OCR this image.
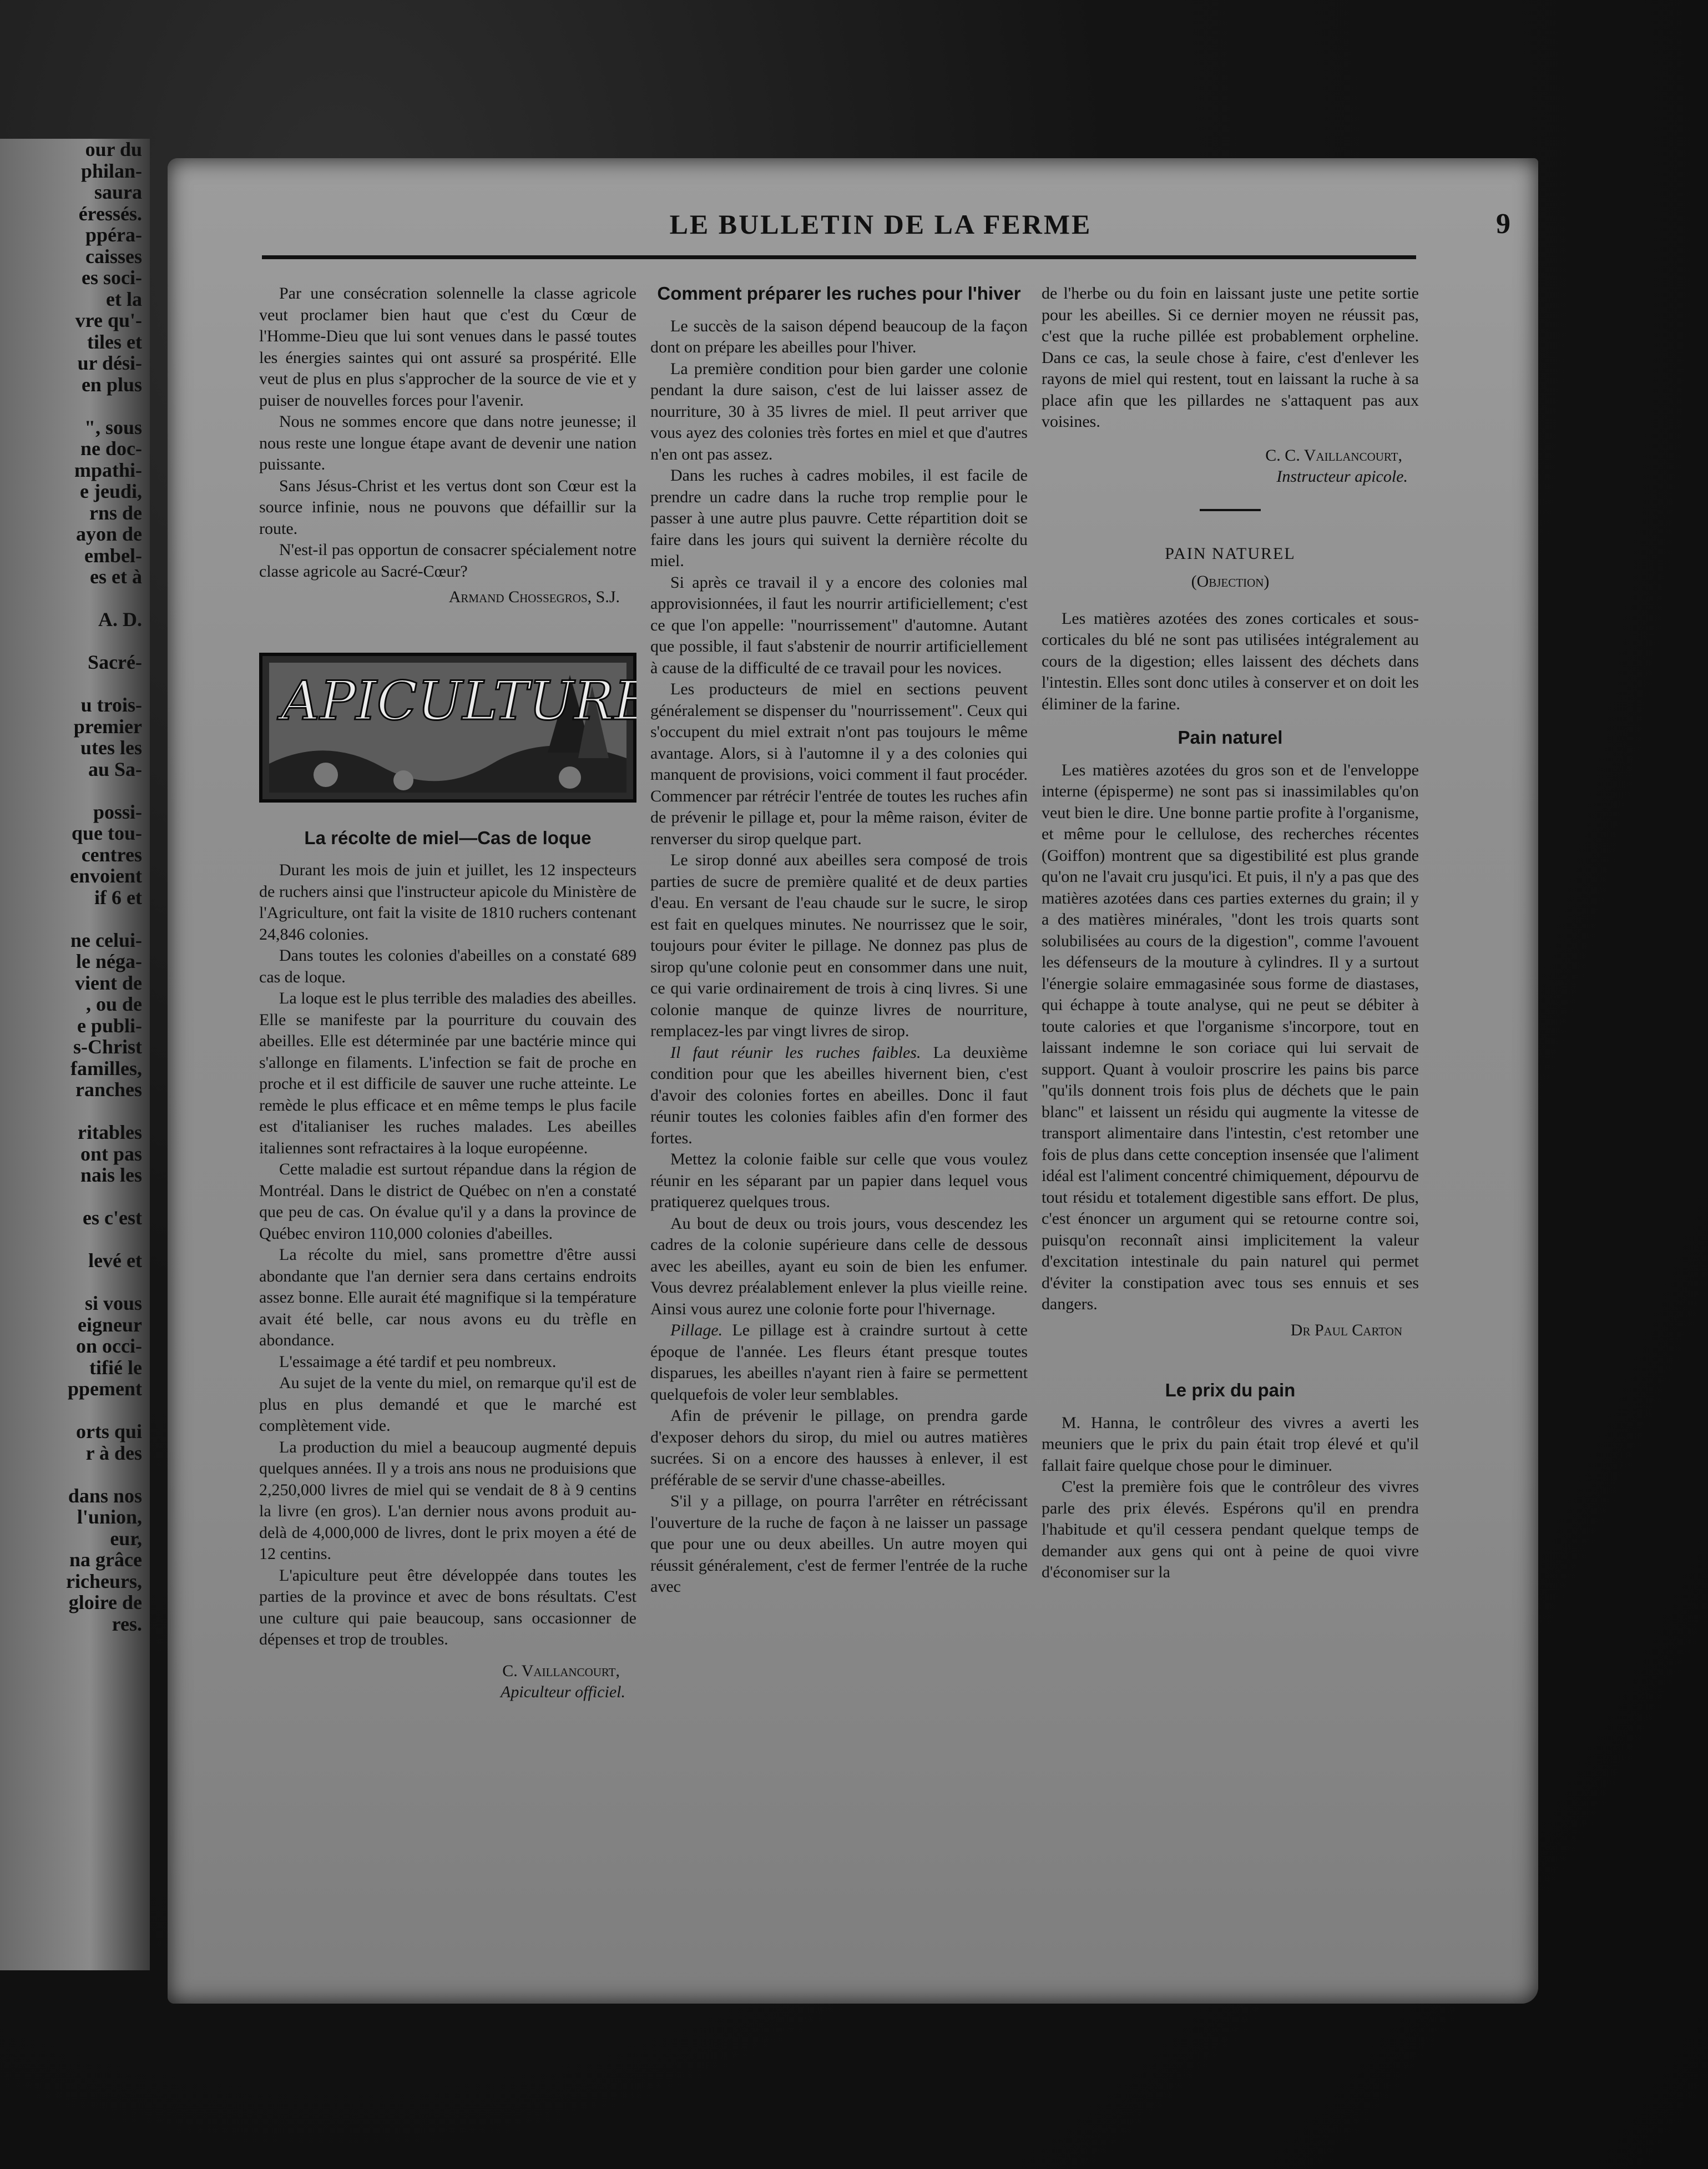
our du
philan-
saura
éressés.
ppéra-
caisses
es soci-
et la
vre qu'-
tiles et
ur dési-
en plus

", sous
ne doc-
mpathi-
e jeudi,
rns de
ayon de
embel-
es et à

A. D.

Sacré-

u trois-
premier
utes les
au Sa-

possi-
que tou-
centres
envoient
if 6 et

ne celui-
le néga-
vient de
, ou de
e publi-
s-Christ
familles,
ranches

ritables
ont pas
nais les

es c'est

levé et

si vous
eigneur
on occi-
tifié le
ppement

orts qui
r à des

dans nos
l'union,
eur,
na grâce
richeurs,
gloire de
res.
LE BULLETIN DE LA FERME	9

Par une consécration solennelle la classe agricole veut proclamer bien haut que c'est du Cœur de l'Homme-Dieu que lui sont venues dans le passé toutes les énergies saintes qui ont assuré sa prospérité. Elle veut de plus en plus s'approcher de la source de vie et y puiser de nouvelles forces pour l'avenir.

Nous ne sommes encore que dans notre jeunesse; il nous reste une longue étape avant de devenir une nation puissante.

Sans Jésus-Christ et les vertus dont son Cœur est la source infinie, nous ne pouvons que défaillir sur la route.

N'est-il pas opportun de consacrer spécialement notre classe agricole au Sacré-Cœur?

Armand Chossegros, S.J.

APICULTURE

La récolte de miel—Cas de loque

Durant les mois de juin et juillet, les 12 inspecteurs de ruchers ainsi que l'instructeur apicole du Ministère de l'Agriculture, ont fait la visite de 1810 ruchers contenant 24,846 colonies.

Dans toutes les colonies d'abeilles on a constaté 689 cas de loque.

La loque est le plus terrible des maladies des abeilles. Elle se manifeste par la pourriture du couvain des abeilles. Elle est déterminée par une bactérie mince qui s'allonge en filaments. L'infection se fait de proche en proche et il est difficile de sauver une ruche atteinte. Le remède le plus efficace et en même temps le plus facile est d'italianiser les ruches malades. Les abeilles italiennes sont refractaires à la loque européenne.

Cette maladie est surtout répandue dans la région de Montréal. Dans le district de Québec on n'en a constaté que peu de cas. On évalue qu'il y a dans la province de Québec environ 110,000 colonies d'abeilles.

La récolte du miel, sans promettre d'être aussi abondante que l'an dernier sera dans certains endroits assez bonne. Elle aurait été magnifique si la température avait été belle, car nous avons eu du trèfle en abondance.

L'essaimage a été tardif et peu nombreux.

Au sujet de la vente du miel, on remarque qu'il est de plus en plus demandé et que le marché est complètement vide.

La production du miel a beaucoup augmenté depuis quelques années. Il y a trois ans nous ne produisions que 2,250,000 livres de miel qui se vendait de 8 à 9 centins la livre (en gros). L'an dernier nous avons produit au-delà de 4,000,000 de livres, dont le prix moyen a été de 12 centins.

L'apiculture peut être développée dans toutes les parties de la province et avec de bons résultats. C'est une culture qui paie beaucoup, sans occasionner de dépenses et trop de troubles.

C. Vaillancourt,

Apiculteur officiel.

Comment préparer les ruches pour l'hiver

Le succès de la saison dépend beaucoup de la façon dont on prépare les abeilles pour l'hiver.

La première condition pour bien garder une colonie pendant la dure saison, c'est de lui laisser assez de nourriture, 30 à 35 livres de miel. Il peut arriver que vous ayez des colonies très fortes en miel et que d'autres n'en ont pas assez.

Dans les ruches à cadres mobiles, il est facile de prendre un cadre dans la ruche trop remplie pour le passer à une autre plus pauvre. Cette répartition doit se faire dans les jours qui suivent la dernière récolte du miel.

Si après ce travail il y a encore des colonies mal approvisionnées, il faut les nourrir artificiellement; c'est ce que l'on appelle: "nourrissement" d'automne. Autant que possible, il faut s'abstenir de nourrir artificiellement à cause de la difficulté de ce travail pour les novices.

Les producteurs de miel en sections peuvent généralement se dispenser du "nourrissement". Ceux qui s'occupent du miel extrait n'ont pas toujours le même avantage. Alors, si à l'automne il y a des colonies qui manquent de provisions, voici comment il faut procéder. Commencer par rétrécir l'entrée de toutes les ruches afin de prévenir le pillage et, pour la même raison, éviter de renverser du sirop quelque part.

Le sirop donné aux abeilles sera composé de trois parties de sucre de première qualité et de deux parties d'eau. En versant de l'eau chaude sur le sucre, le sirop est fait en quelques minutes. Ne nourrissez que le soir, toujours pour éviter le pillage. Ne donnez pas plus de sirop qu'une colonie peut en consommer dans une nuit, ce qui varie ordinairement de trois à cinq livres. Si une colonie manque de quinze livres de nourriture, remplacez-les par vingt livres de sirop.

Il faut réunir les ruches faibles. La deuxième condition pour que les abeilles hivernent bien, c'est d'avoir des colonies fortes en abeilles. Donc il faut réunir toutes les colonies faibles afin d'en former des fortes.

Mettez la colonie faible sur celle que vous voulez réunir en les séparant par un papier dans lequel vous pratiquerez quelques trous.

Au bout de deux ou trois jours, vous descendez les cadres de la colonie supérieure dans celle de dessous avec les abeilles, ayant eu soin de bien les enfumer. Vous devrez préalablement enlever la plus vieille reine. Ainsi vous aurez une colonie forte pour l'hivernage.

Pillage. Le pillage est à craindre surtout à cette époque de l'année. Les fleurs étant presque toutes disparues, les abeilles n'ayant rien à faire se permettent quelquefois de voler leur semblables.

Afin de prévenir le pillage, on prendra garde d'exposer dehors du sirop, du miel ou autres matières sucrées. Si on a encore des hausses à enlever, il est préférable de se servir d'une chasse-abeilles.

S'il y a pillage, on pourra l'arrêter en rétrécissant l'ouverture de la ruche de façon à ne laisser un passage que pour une ou deux abeilles. Un autre moyen qui réussit généralement, c'est de fermer l'entrée de la ruche avec

de l'herbe ou du foin en laissant juste une petite sortie pour les abeilles. Si ce dernier moyen ne réussit pas, c'est que la ruche pillée est probablement orpheline. Dans ce cas, la seule chose à faire, c'est d'enlever les rayons de miel qui restent, tout en laissant la ruche à sa place afin que les pillardes ne s'attaquent pas aux voisines.

C. C. Vaillancourt,

Instructeur apicole.

PAIN NATUREL

(Objection)

Les matières azotées des zones corticales et sous-corticales du blé ne sont pas utilisées intégralement au cours de la digestion; elles laissent des déchets dans l'intestin. Elles sont donc utiles à conserver et on doit les éliminer de la farine.

Pain naturel

Les matières azotées du gros son et de l'enveloppe interne (épisperme) ne sont pas si inassimilables qu'on veut bien le dire. Une bonne partie profite à l'organisme, et même pour le cellulose, des recherches récentes (Goiffon) montrent que sa digestibilité est plus grande qu'on ne l'avait cru jusqu'ici. Et puis, il n'y a pas que des matières azotées dans ces parties externes du grain; il y a des matières minérales, "dont les trois quarts sont solubilisées au cours de la digestion", comme l'avouent les défenseurs de la mouture à cylindres. Il y a surtout l'énergie solaire emmagasinée sous forme de diastases, qui échappe à toute analyse, qui ne peut se débiter à toute calories et que l'organisme s'incorpore, tout en laissant indemne le son coriace qui lui servait de support. Quant à vouloir proscrire les pains bis parce "qu'ils donnent trois fois plus de déchets que le pain blanc" et laissent un résidu qui augmente la vitesse de transport alimentaire dans l'intestin, c'est retomber une fois de plus dans cette conception insensée que l'aliment idéal est l'aliment concentré chimiquement, dépourvu de tout résidu et totalement digestible sans effort. De plus, c'est énoncer un argument qui se retourne contre soi, puisqu'on reconnaît ainsi implicitement la valeur d'excitation intestinale du pain naturel qui permet d'éviter la constipation avec tous ses ennuis et ses dangers.

Dr Paul Carton

Le prix du pain

M. Hanna, le contrôleur des vivres a averti les meuniers que le prix du pain était trop élevé et qu'il fallait faire quelque chose pour le diminuer.

C'est la première fois que le contrôleur des vivres parle des prix élevés. Espérons qu'il en prendra l'habitude et qu'il cessera pendant quelque temps de demander aux gens qui ont à peine de quoi vivre d'économiser sur la
